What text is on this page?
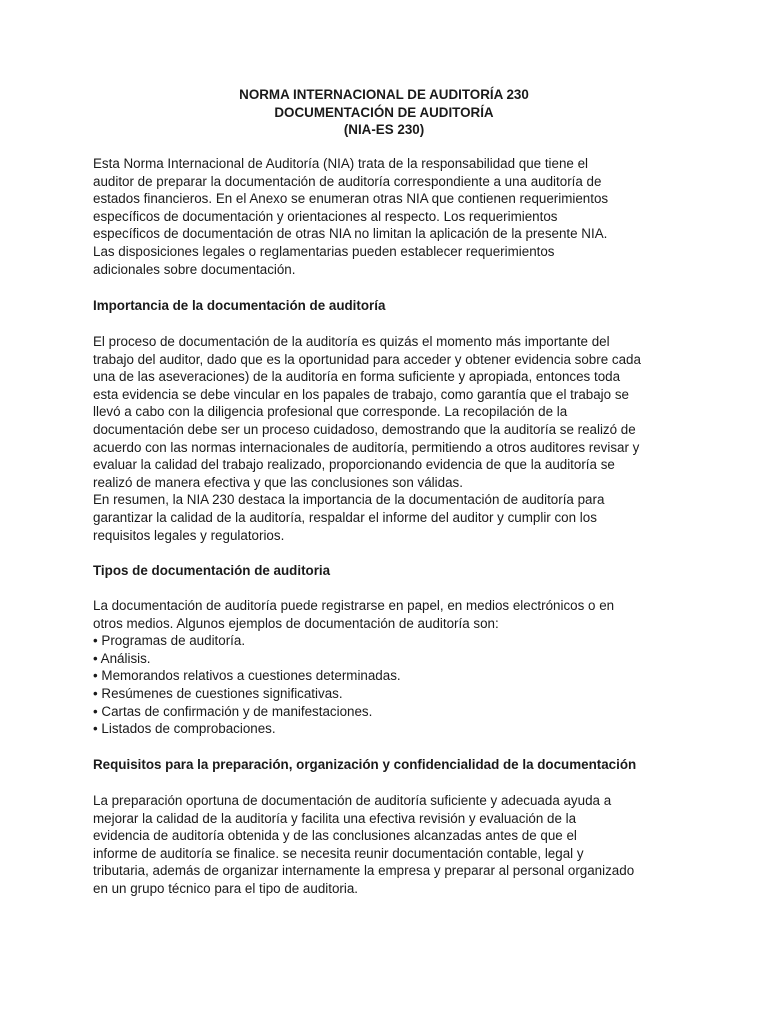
NORMA INTERNACIONAL DE AUDITORÍA 230
DOCUMENTACIÓN DE AUDITORÍA
(NIA-ES 230)
Esta Norma Internacional de Auditoría (NIA) trata de la responsabilidad que tiene el
auditor de preparar la documentación de auditoría correspondiente a una auditoría de
estados financieros. En el Anexo se enumeran otras NIA que contienen requerimientos
específicos de documentación y orientaciones al respecto. Los requerimientos
específicos de documentación de otras NIA no limitan la aplicación de la presente NIA.
Las disposiciones legales o reglamentarias pueden establecer requerimientos
adicionales sobre documentación.
Importancia de la documentación de auditoría
El proceso de documentación de la auditoría es quizás el momento más importante del
trabajo del auditor, dado que es la oportunidad para acceder y obtener evidencia sobre cada
una de las aseveraciones) de la auditoría en forma suficiente y apropiada, entonces toda
esta evidencia se debe vincular en los papales de trabajo, como garantía que el trabajo se
llevó a cabo con la diligencia profesional que corresponde. La recopilación de la
documentación debe ser un proceso cuidadoso, demostrando que la auditoría se realizó de
acuerdo con las normas internacionales de auditoría, permitiendo a otros auditores revisar y
evaluar la calidad del trabajo realizado, proporcionando evidencia de que la auditoría se
realizó de manera efectiva y que las conclusiones son válidas.
En resumen, la NIA 230 destaca la importancia de la documentación de auditoría para
garantizar la calidad de la auditoría, respaldar el informe del auditor y cumplir con los
requisitos legales y regulatorios.
Tipos de documentación de auditoria
La documentación de auditoría puede registrarse en papel, en medios electrónicos o en
otros medios. Algunos ejemplos de documentación de auditoría son:
• Programas de auditoría.
• Análisis.
• Memorandos relativos a cuestiones determinadas.
• Resúmenes de cuestiones significativas.
• Cartas de confirmación y de manifestaciones.
• Listados de comprobaciones.
Requisitos para la preparación, organización y confidencialidad de la documentación
La preparación oportuna de documentación de auditoría suficiente y adecuada ayuda a
mejorar la calidad de la auditoría y facilita una efectiva revisión y evaluación de la
evidencia de auditoría obtenida y de las conclusiones alcanzadas antes de que el
informe de auditoría se finalice. se necesita reunir documentación contable, legal y
tributaria, además de organizar internamente la empresa y preparar al personal organizado
en un grupo técnico para el tipo de auditoria.
